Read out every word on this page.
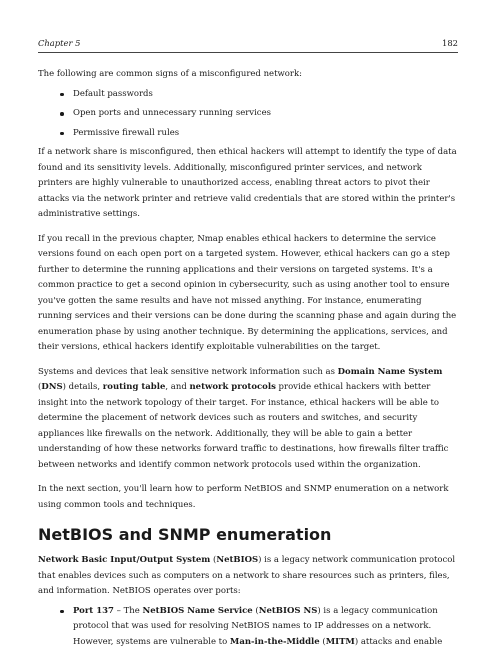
Chapter 5	182

The following are common signs of a misconfigured network:

Default passwords
Open ports and unnecessary running services
Permissive firewall rules

If a network share is misconfigured, then ethical hackers will attempt to identify the type of data found and its sensitivity levels. Additionally, misconfigured printer services, and network printers are highly vulnerable to unauthorized access, enabling threat actors to pivot their attacks via the network printer and retrieve valid credentials that are stored within the printer's administrative settings.

If you recall in the previous chapter, Nmap enables ethical hackers to determine the service versions found on each open port on a targeted system. However, ethical hackers can go a step further to determine the running applications and their versions on targeted systems. It's a common practice to get a second opinion in cybersecurity, such as using another tool to ensure you've gotten the same results and have not missed anything. For instance, enumerating running services and their versions can be done during the scanning phase and again during the enumeration phase by using another technique. By determining the applications, services, and their versions, ethical hackers identify exploitable vulnerabilities on the target.

Systems and devices that leak sensitive network information such as Domain Name System (DNS) details, routing table, and network protocols provide ethical hackers with better insight into the network topology of their target. For instance, ethical hackers will be able to determine the placement of network devices such as routers and switches, and security appliances like firewalls on the network. Additionally, they will be able to gain a better understanding of how these networks forward traffic to destinations, how firewalls filter traffic between networks and identify common network protocols used within the organization.

In the next section, you'll learn how to perform NetBIOS and SNMP enumeration on a network using common tools and techniques.

NetBIOS and SNMP enumeration

Network Basic Input/Output System (NetBIOS) is a legacy network communication protocol that enables devices such as computers on a network to share resources such as printers, files, and information. NetBIOS operates over ports:

Port 137 – The NetBIOS Name Service (NetBIOS NS) is a legacy communication protocol that was used for resolving NetBIOS names to IP addresses on a network. However, systems are vulnerable to Man-in-the-Middle (MITM) attacks and enable
